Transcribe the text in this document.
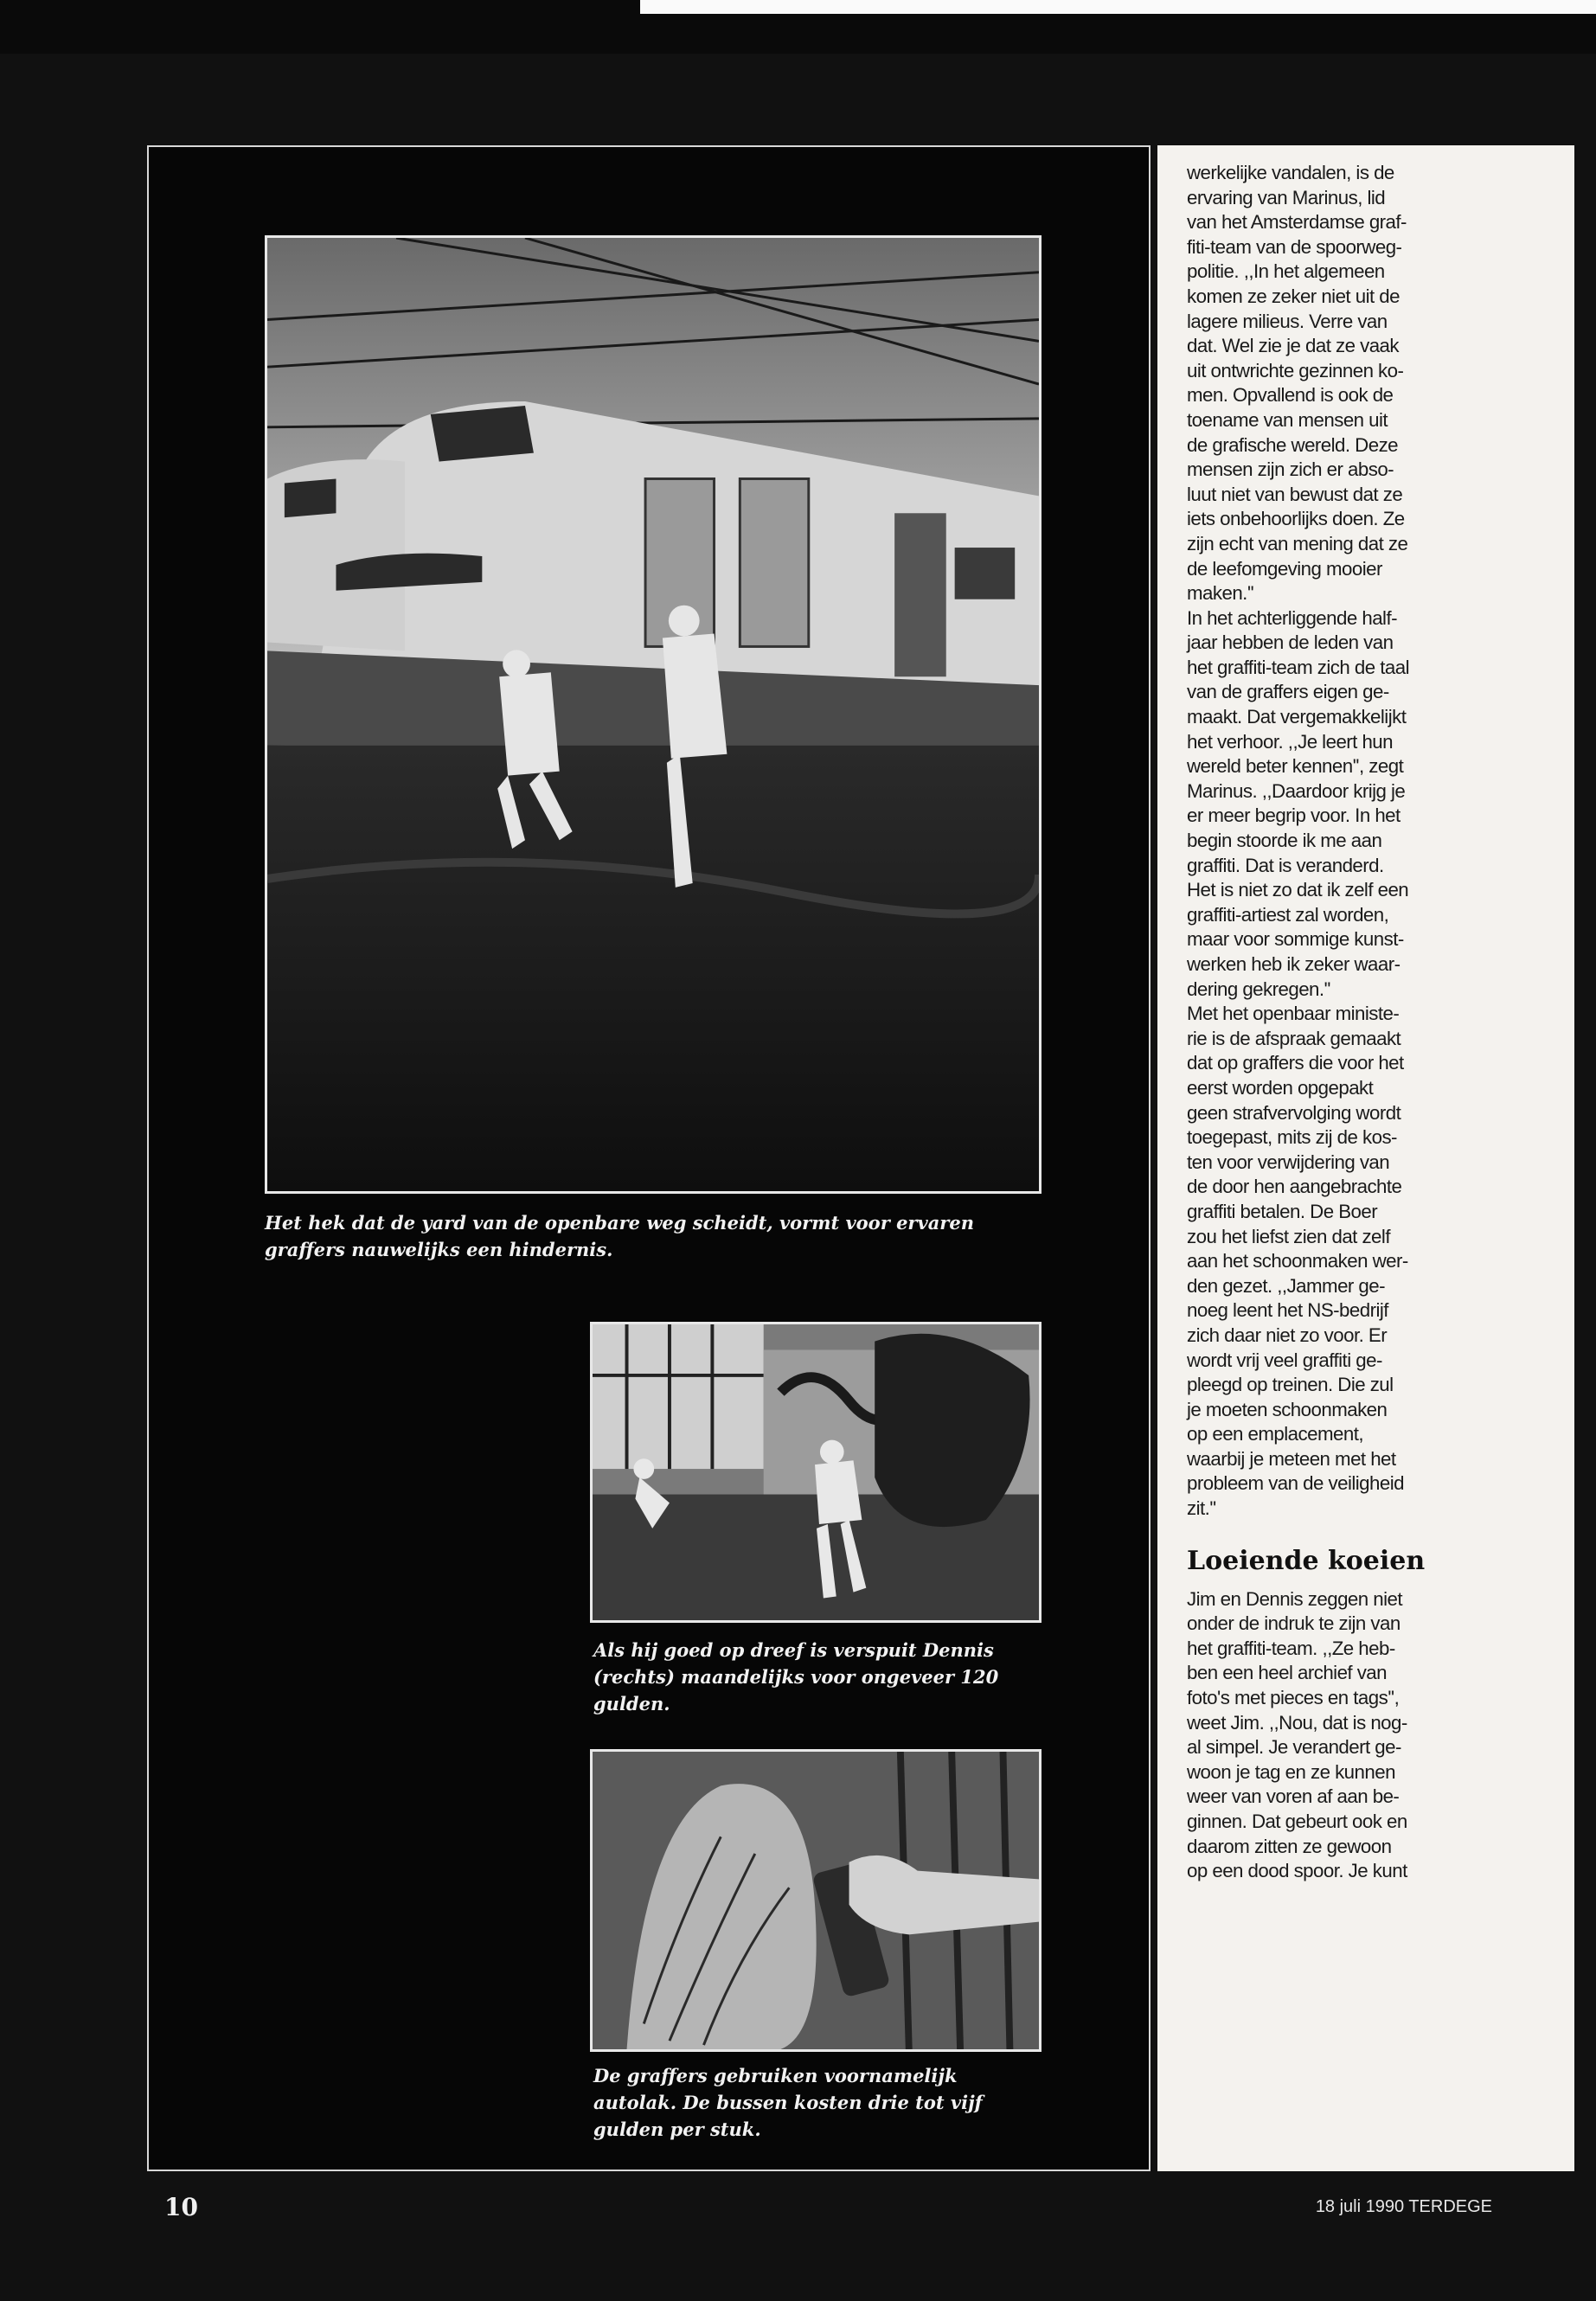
Het hek dat de yard van de openbare weg scheidt, vormt voor ervaren graffers nauwelijks een hindernis.
Als hij goed op dreef is verspuit Dennis (rechts) maandelijks voor ongeveer 120 gulden.
De graffers gebruiken voornamelijk autolak. De bussen kosten drie tot vijf gulden per stuk.

werkelijke vandalen, is de
ervaring van Marinus, lid
van het Amsterdamse graf-
fiti-team van de spoorweg-
politie. ,,In het algemeen
komen ze zeker niet uit de
lagere milieus. Verre van
dat. Wel zie je dat ze vaak
uit ontwrichte gezinnen ko-
men. Opvallend is ook de
toename van mensen uit
de grafische wereld. Deze
mensen zijn zich er abso-
luut niet van bewust dat ze
iets onbehoorlijks doen. Ze
zijn echt van mening dat ze
de leefomgeving mooier
maken.''

In het achterliggende half-
jaar hebben de leden van
het graffiti-team zich de taal
van de graffers eigen ge-
maakt. Dat vergemakkelijkt
het verhoor. ,,Je leert hun
wereld beter kennen'', zegt
Marinus. ,,Daardoor krijg je
er meer begrip voor. In het
begin stoorde ik me aan
graffiti. Dat is veranderd.
Het is niet zo dat ik zelf een
graffiti-artiest zal worden,
maar voor sommige kunst-
werken heb ik zeker waar-
dering gekregen.''

Met het openbaar ministe-
rie is de afspraak gemaakt
dat op graffers die voor het
eerst worden opgepakt
geen strafvervolging wordt
toegepast, mits zij de kos-
ten voor verwijdering van
de door hen aangebrachte
graffiti betalen. De Boer
zou het liefst zien dat zelf
aan het schoonmaken wer-
den gezet. ,,Jammer ge-
noeg leent het NS-bedrijf
zich daar niet zo voor. Er
wordt vrij veel graffiti ge-
pleegd op treinen. Die zul
je moeten schoonmaken
op een emplacement,
waarbij je meteen met het
probleem van de veiligheid
zit.''

Loeiende koeien

Jim en Dennis zeggen niet
onder de indruk te zijn van
het graffiti-team. ,,Ze heb-
ben een heel archief van
foto's met pieces en tags'',
weet Jim. ,,Nou, dat is nog-
al simpel. Je verandert ge-
woon je tag en ze kunnen
weer van voren af aan be-
ginnen. Dat gebeurt ook en
daarom zitten ze gewoon
op een dood spoor. Je kunt

10	18 juli 1990 TERDEGE
